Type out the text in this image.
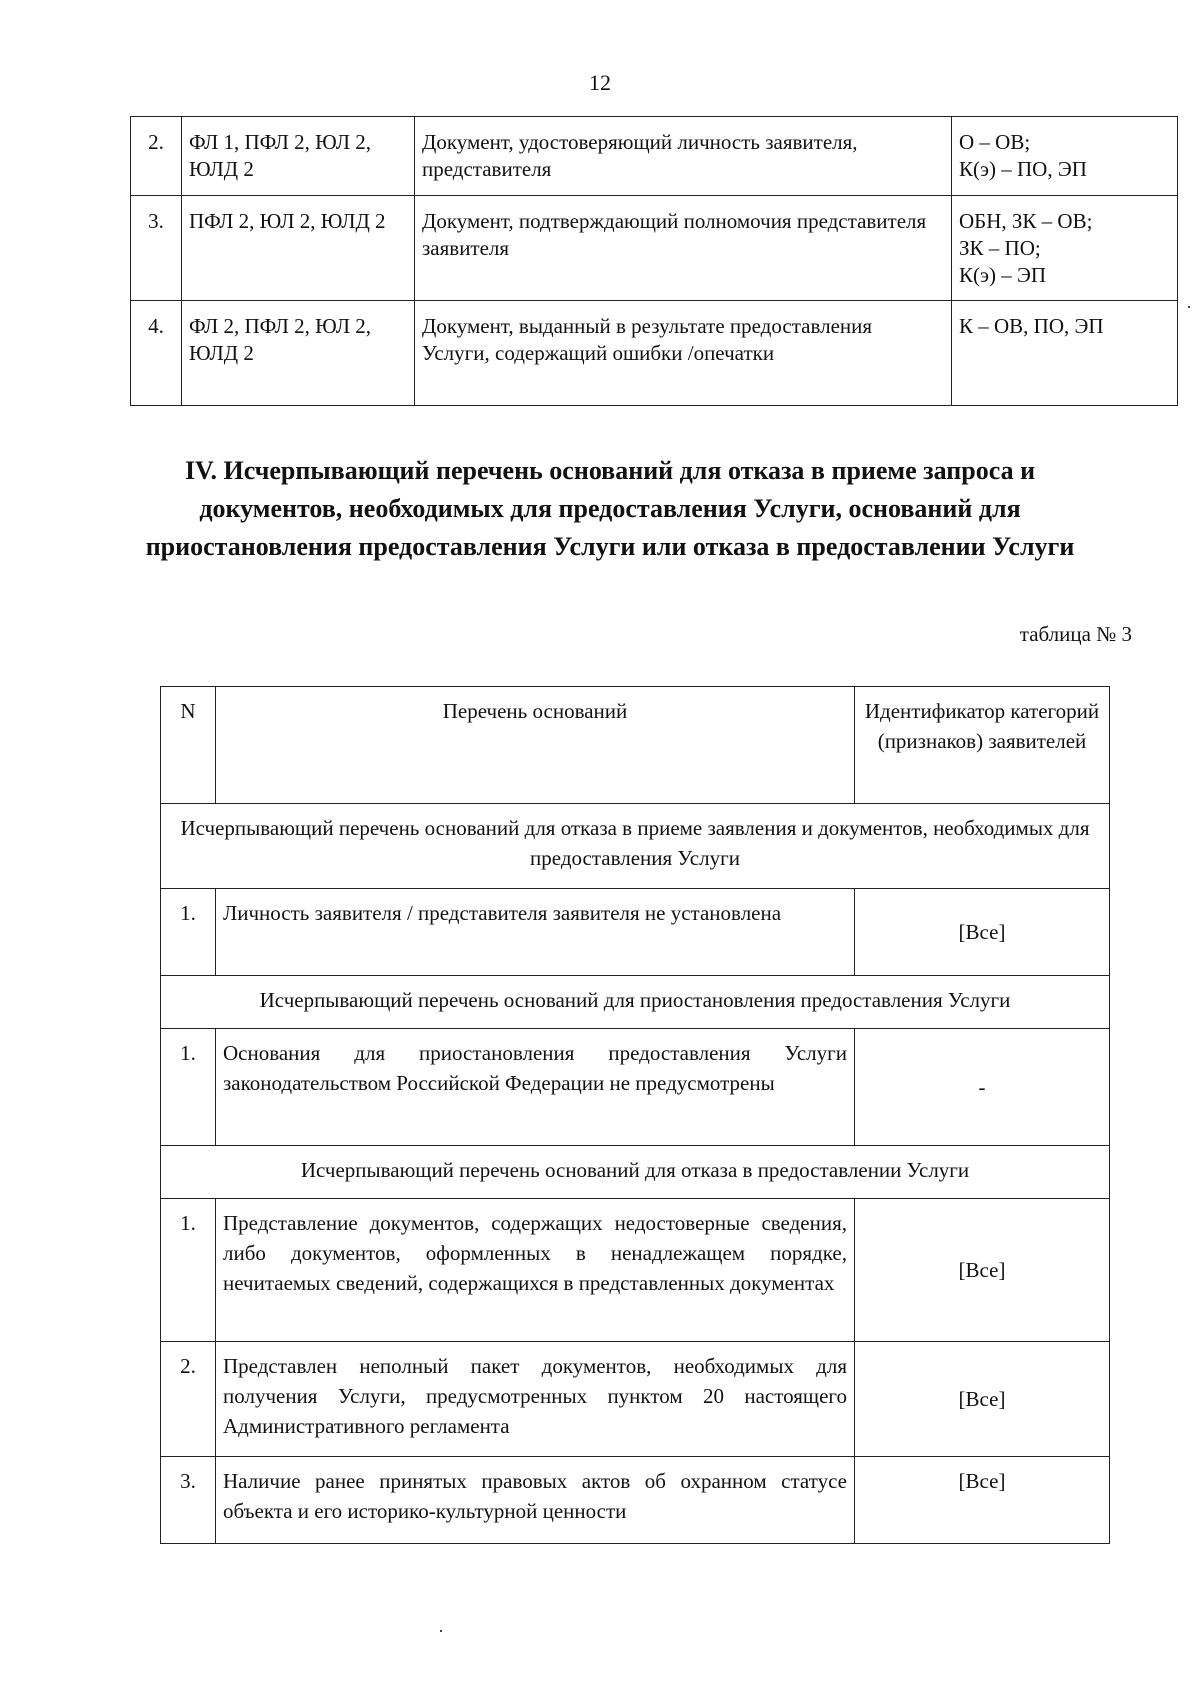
12
2.	ФЛ 1, ПФЛ 2, ЮЛ 2, ЮЛД 2	Документ, удостоверяющий личность заявителя, представителя	О – ОВ;
К(э) – ПО, ЭП

3.	ПФЛ 2, ЮЛ 2, ЮЛД 2	Документ, подтверждающий полномочия представителя заявителя	ОБН, ЗК – ОВ;
ЗК – ПО;
К(э) – ЭП

4.	ФЛ 2, ПФЛ 2, ЮЛ 2, ЮЛД 2	Документ, выданный в результате предоставления Услуги, содержащий ошибки /опечатки	К – ОВ, ПО, ЭП
IV. Исчерпывающий перечень оснований для отказа в приеме запроса и документов, необходимых для предоставления Услуги, оснований для приостановления предоставления Услуги или отказа в предоставлении Услуги
таблица № 3
N	Перечень оснований	Идентификатор категорий (признаков) заявителей
Исчерпывающий перечень оснований для отказа в приеме заявления и документов, необходимых для предоставления Услуги		
1.	Личность заявителя / представителя заявителя не установлена	[Все]
Исчерпывающий перечень оснований для приостановления предоставления Услуги		
1.	Основания для приостановления предоставления Услуги законодательством Российской Федерации не предусмотрены	-
Исчерпывающий перечень оснований для отказа в предоставлении Услуги		
1.	Представление документов, содержащих недостоверные сведения, либо документов, оформленных в ненадлежащем порядке, нечитаемых сведений, содержащихся в представленных документах	[Все]
2.	Представлен неполный пакет документов, необходимых для получения Услуги, предусмотренных пунктом 20 настоящего Административного регламента	[Все]
3.	Наличие ранее принятых правовых актов об охранном статусе объекта и его историко-культурной ценности	[Все]
